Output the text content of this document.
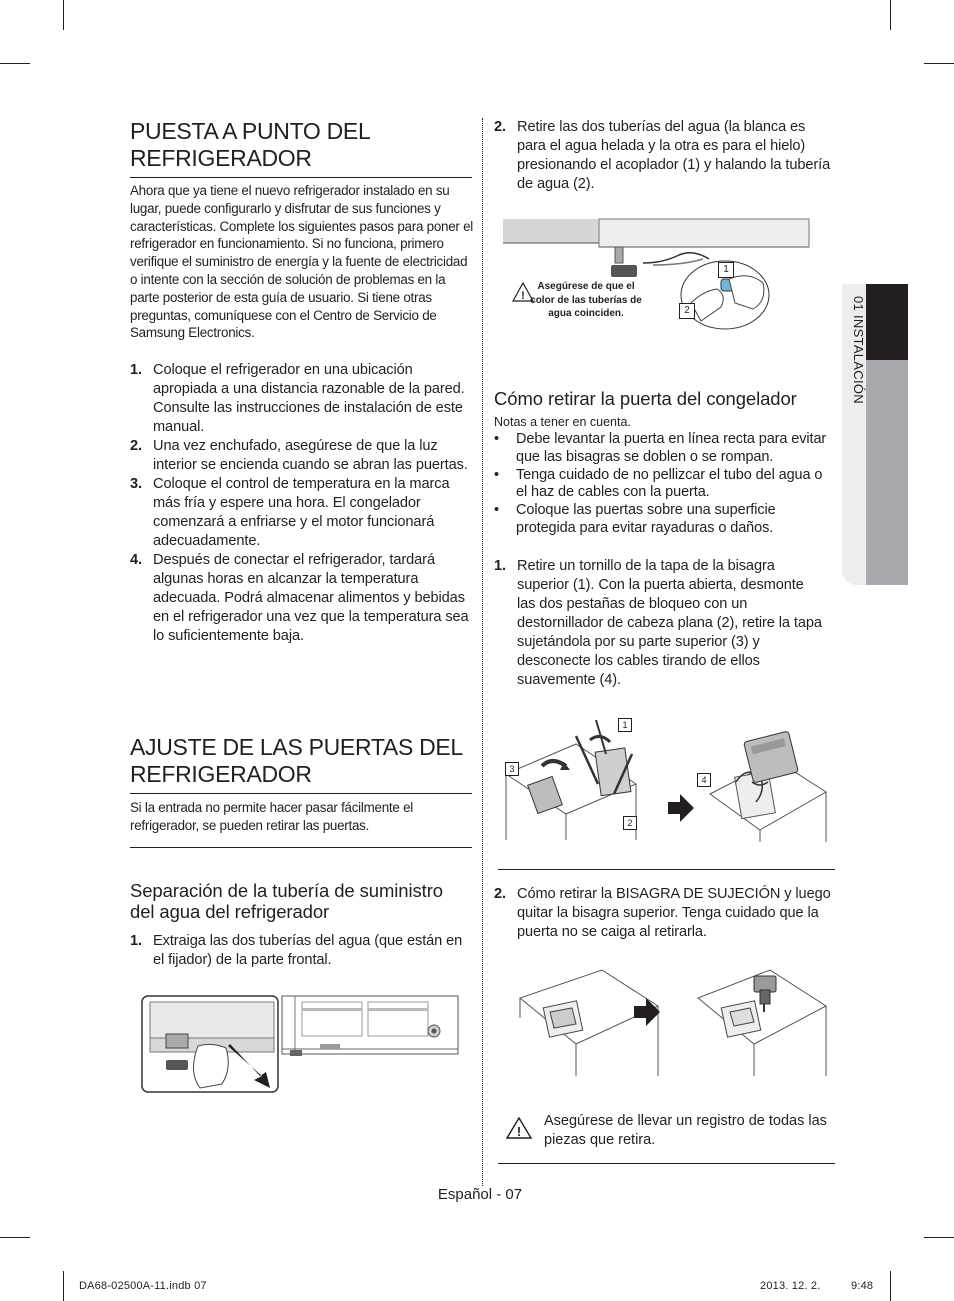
01 INSTALACIÓN
PUESTA A PUNTO DEL
REFRIGERADOR

Ahora que ya tiene el nuevo refrigerador instalado en su lugar, puede configurarlo y disfrutar de sus funciones y características. Complete los siguientes pasos para poner el refrigerador en funcionamiento. Si no funciona, primero verifique el suministro de energía y la fuente de electricidad o intente con la sección de solución de problemas en la parte posterior de esta guía de usuario. Si tiene otras preguntas, comuníquese con el Centro de Servicio de Samsung Electronics.

1. Coloque el refrigerador en una ubicación apropiada a una distancia razonable de la pared. Consulte las instrucciones de instalación de este manual.
2. Una vez enchufado, asegúrese de que la luz interior se encienda cuando se abran las puertas.
3. Coloque el control de temperatura en la marca más fría y espere una hora. El congelador comenzará a enfriarse y el motor funcionará adecuadamente.
4. Después de conectar el refrigerador, tardará algunas horas en alcanzar la temperatura adecuada. Podrá almacenar alimentos y bebidas en el refrigerador una vez que la temperatura sea lo suficientemente baja.
AJUSTE DE LAS PUERTAS DEL
REFRIGERADOR

Si la entrada no permite hacer pasar fácilmente el refrigerador, se pueden retirar las puertas.

Separación de la tubería de suministro del agua del refrigerador
1. Extraiga las dos tuberías del agua (que están en el fijador) de la parte frontal.
2. Retire las dos tuberías del agua (la blanca es para el agua helada y la otra es para el hielo) presionando el acoplador (1) y halando la tubería de agua (2).
!
Asegúrese de que el color de las tuberías de agua coinciden.
1
2
Cómo retirar la puerta del congelador
Notas a tener en cuenta.
• Debe levantar la puerta en línea recta para evitar que las bisagras se doblen o se rompan.
• Tenga cuidado de no pellizcar el tubo del agua o el haz de cables con la puerta.
• Coloque las puertas sobre una superficie protegida para evitar rayaduras o daños.
1. Retire un tornillo de la tapa de la bisagra superior (1). Con la puerta abierta, desmonte las dos pestañas de bloqueo con un destornillador de cabeza plana (2), retire la tapa sujetándola por su parte superior (3) y desconecte los cables tirando de ellos suavemente (4).
1
2
3
4
2. Cómo retirar la BISAGRA DE SUJECIÓN y luego quitar la bisagra superior. Tenga cuidado que la puerta no se caiga al retirarla.
!
Asegúrese de llevar un registro de todas las piezas que retira.
Español - 07
DA68-02500A-11.indb 07	2013. 12. 2.	9:48
